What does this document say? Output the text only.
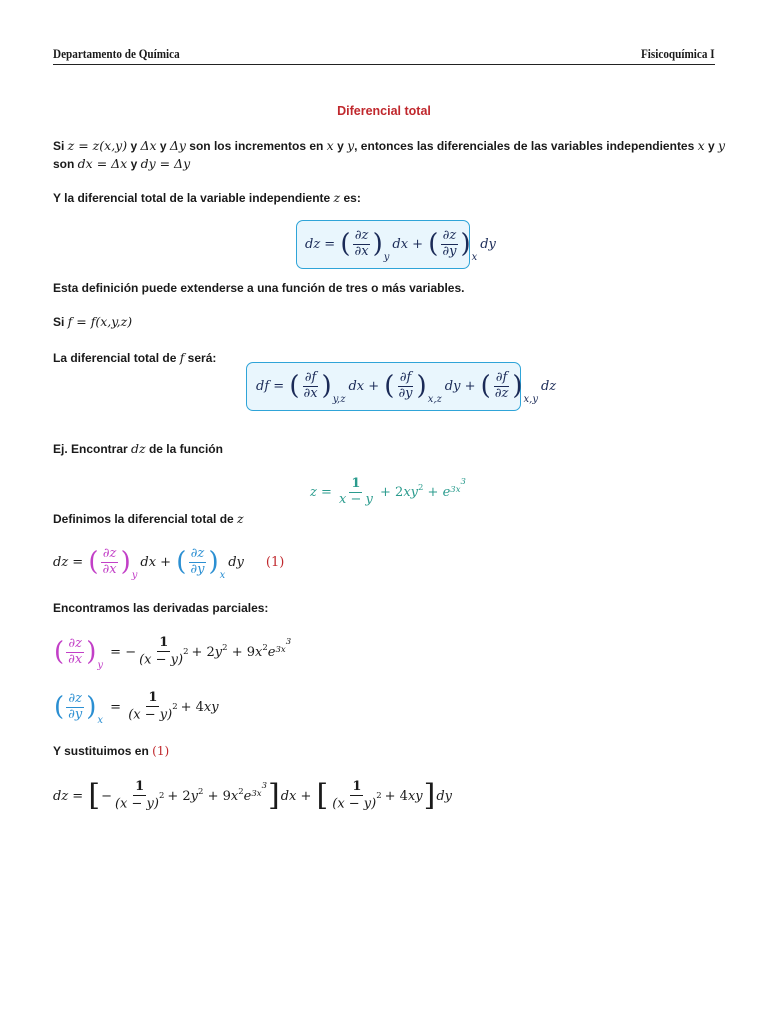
Departamento de Química	Fisicoquímica I
Diferencial total
Si z = z(x,y) y Δx y Δy son los incrementos en x y y, entonces las diferenciales de las variables independientes x y y
son dx = Δx y dy = Δy
Y la diferencial total de la variable independiente z es:
dz = ( $\frac{\partial z}{\partial x}$ ) y
dx + ( $\frac{\partial z}{\partial y}$ ) x
dy
Esta definición puede extenderse a una función de tres o más variables.
Si f = f(x,y,z)
La diferencial total de f será:
df = ( $\frac{\partial f}{\partial x}$ ) y,z
dx + ( $\frac{\partial f}{\partial y}$ ) x,z
dy + ( $\frac{\partial f}{\partial z}$ ) x,y
dz
Ej. Encontrar dz de la función
$z = \frac{1}{x - y} + 2$ $xy^2 + e^{3x^3}$
Definimos la diferencial total de z
dz = ( $\frac{\partial z}{\partial x}$ ) y
dx + ( $\frac{\partial z}{\partial y}$ ) x
dy (1)
Encontramos las derivadas parciales:
( $\frac{\partial z}{\partial x}$ ) y
= − $\frac{1}{(x - y)^2} + 2$ $y^2 + 9$ $x^2$ $e^{3x^3}$
( $\frac{\partial z}{\partial y}$ ) x
= $\frac{1}{(x - y)^2} + 4$ xy
Y sustituimos en (1)
dz = [ − $\frac{1}{(x - y)^2} + 2$ $y^2 + 9$ $x^2$ $e^{3x^3}$ ] dx + [ $\frac{1}{(x - y)^2} + 4$ xy ] dy
